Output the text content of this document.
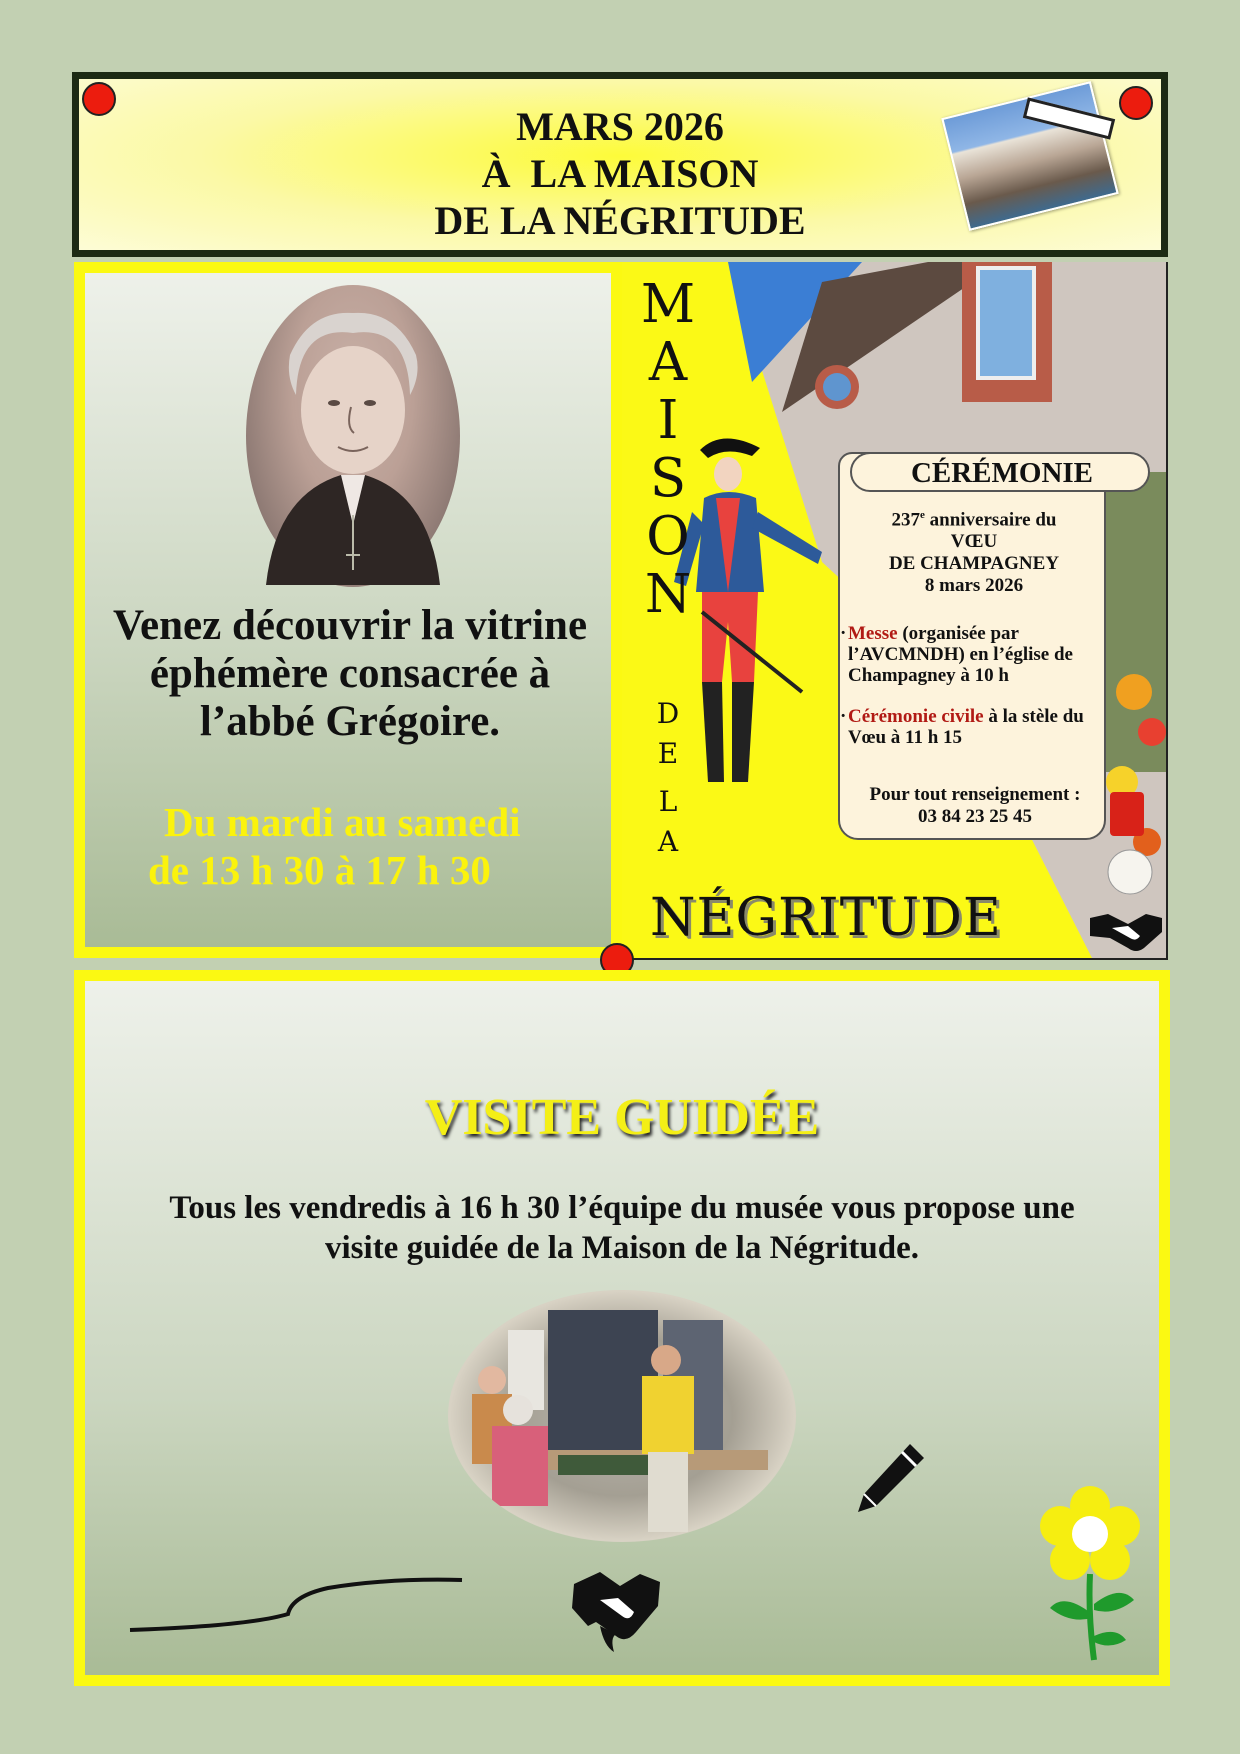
MARS 2026
À  LA MAISON
DE LA NÉGRITUDE
Venez découvrir la vitrine
éphémère consacrée à
l’abbé Grégoire.
Du mardi au samedi
de 13 h 30 à 17 h 30
M
A
I
S
O
N
D
E
L
A
NÉGRITUDE
CÉRÉMONIE
237e anniversaire du
VŒU
DE CHAMPAGNEY
8 mars 2026
· Messe (organisée par l’AVCMNDH) en l’église de Champagney à 10 h
· Cérémonie civile à la stèle du Vœu à 11 h 15
Pour tout renseignement :
03 84 23 25 45
VISITE GUIDÉE
Tous les vendredis à 16 h 30 l’équipe du musée vous propose une
visite guidée de la Maison de la Négritude.
